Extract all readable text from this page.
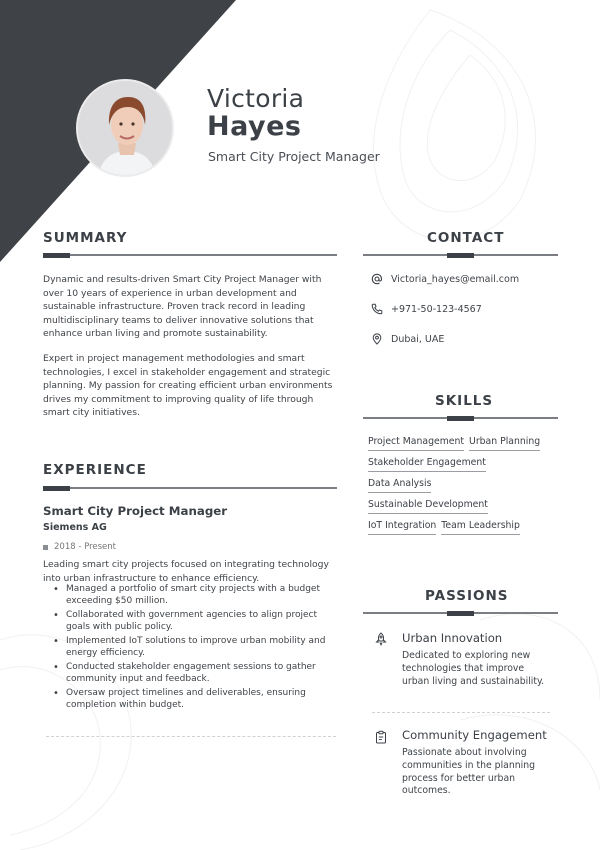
Victoria
Hayes
Smart City Project Manager
SUMMARY
Dynamic and results-driven Smart City Project Manager with over 10 years of experience in urban development and sustainable infrastructure. Proven track record in leading multidisciplinary teams to deliver innovative solutions that enhance urban living and promote sustainability.
Expert in project management methodologies and smart technologies, I excel in stakeholder engagement and strategic planning. My passion for creating efficient urban environments drives my commitment to improving quality of life through smart city initiatives.
EXPERIENCE
Smart City Project Manager
Siemens AG
2018 - Present
Leading smart city projects focused on integrating technology into urban infrastructure to enhance efficiency.
• Managed a portfolio of smart city projects with a budget exceeding $50 million.
• Collaborated with government agencies to align project goals with public policy.
• Implemented IoT solutions to improve urban mobility and energy efficiency.
• Conducted stakeholder engagement sessions to gather community input and feedback.
• Oversaw project timelines and deliverables, ensuring completion within budget.
CONTACT
Victoria_hayes@email.com
+971-50-123-4567
Dubai, UAE
SKILLS
Project Management Urban Planning
Stakeholder Engagement
Data Analysis
Sustainable Development
IoT Integration Team Leadership
PASSIONS
Urban Innovation
Dedicated to exploring new technologies that improve urban living and sustainability.
Community Engagement
Passionate about involving communities in the planning process for better urban outcomes.
